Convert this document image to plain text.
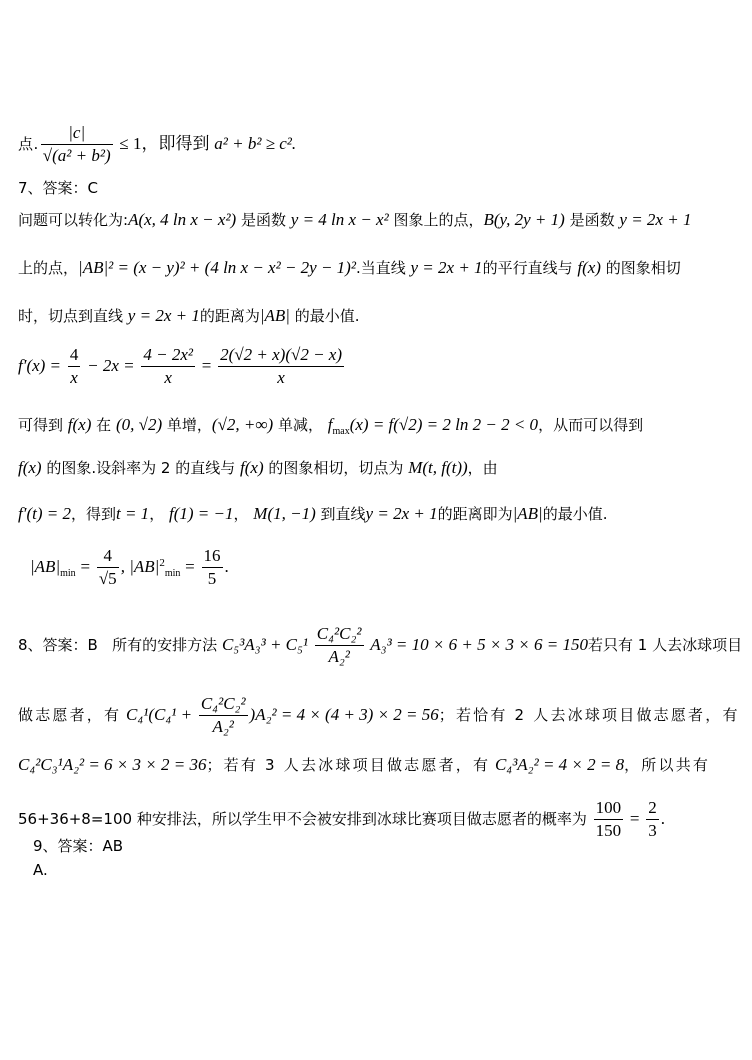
点. $\frac{|c|}{\text{√(a² + b²)}} \le 1$，即得到 a² + b² ≥ c².
7、答案：C
问题可以转化为:A(x, 4 ln x − x²) 是函数 y = 4 ln x − x² 图象上的点，B(y, 2y + 1) 是函数 y = 2x + 1
上的点，|AB|² = (x − y)² + (4 ln x − x² − 2y − 1)².当直线 y = 2x + 1的平行直线与 f(x) 的图象相切
时，切点到直线 y = 2x + 1的距离为|AB| 的最小值.
$f'(x) = \frac{4}{x} - 2x = \frac{\text{4 − 2x²}}{x} = \frac{2(√2 + x)(√2 - x)}{x}$
可得到 f(x) 在 (0, √2) 单增，(√2, +∞) 单减， $f_{max}(x) = f(√2) = 2$ ln 2 − 2 < 0，从而可以得到
f(x) 的图象.设斜率为 2 的直线与 f(x) 的图象相切，切点为 M(t, f(t))，由
f′(t) = 2，得到t = 1， f(1) = −1， M(1, −1) 到直线y = 2x + 1的距离即为|AB|的最小值.
$|AB|_{min} = \frac{4}{√5}$ , $|AB|^2_{min} = \frac{16}{5}$ .
8、答案：B 所有的安排方法 $C_5^3A_3^3 + C_5^1 \frac{\text{C₄²C₂²}}{\text{A₂²}} A_3^3 = 10 \times 6 + 5 \times 3 \times 6 = 150$若只有 1 人去冰球项目
做志愿者，有 $C_4^1(C_4^1 + \frac{\text{C₄²C₂²}}{\text{A₂²}} )A_2^2 = 4 \times (4 + 3) \times 2 = 56$；若恰有 2 人去冰球项目做志愿者，有
C₄²C₃¹A₂² = 6 × 3 × 2 = 36；若有 3 人去冰球项目做志愿者，有 C₄³A₂² = 4 × 2 = 8，所以共有
56+36+8=100 种安排法，所以学生甲不会被安排到冰球比赛项目做志愿者的概率为 $\frac{100}{150} = \frac{2}{3}$ .
9、答案：AB
A.
